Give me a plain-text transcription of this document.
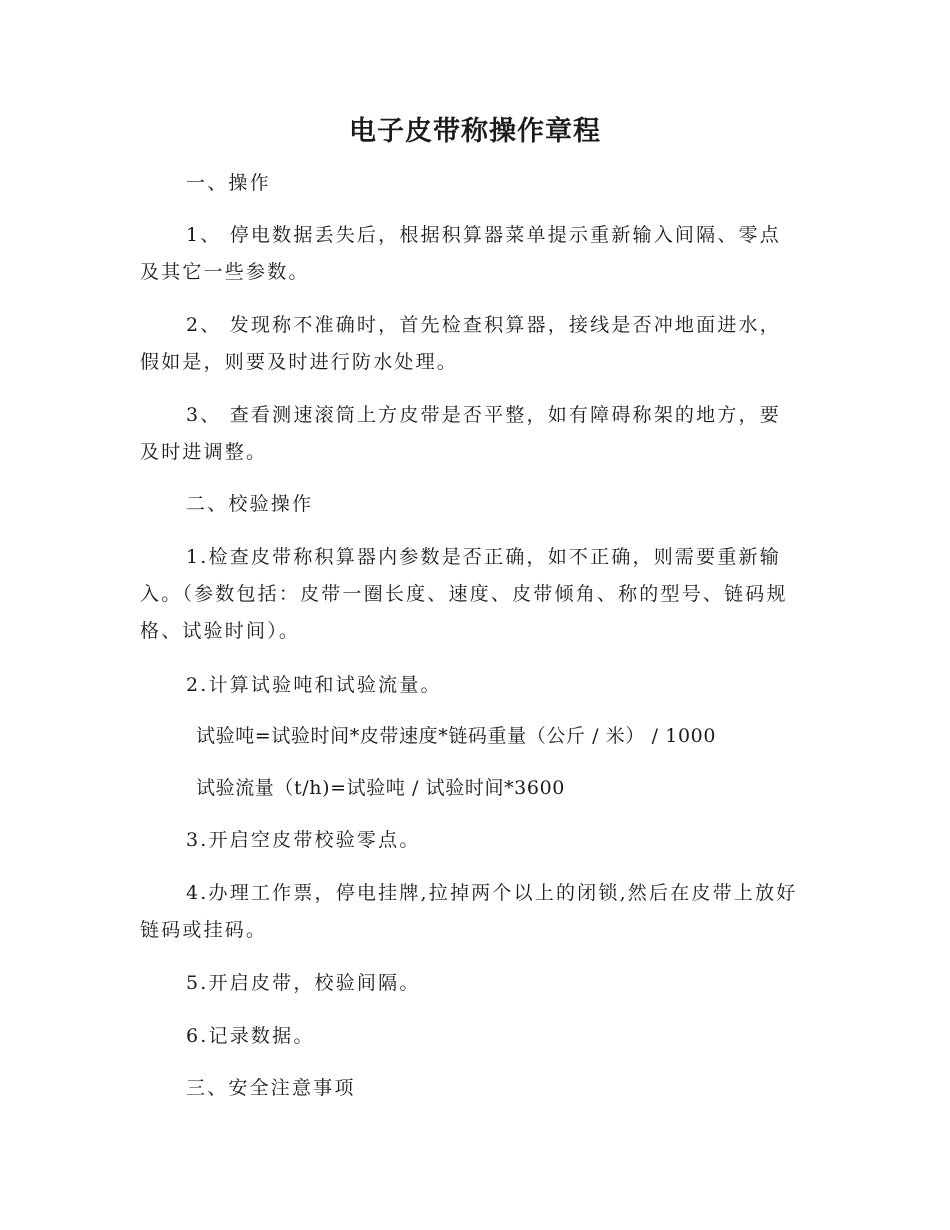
电子皮带称操作章程

一、操作

1、 停电数据丢失后，根据积算器菜单提示重新输入间隔、零点及其它一些参数。

2、 发现称不准确时，首先检查积算器，接线是否冲地面进水，假如是，则要及时进行防水处理。

3、 查看测速滚筒上方皮带是否平整，如有障碍称架的地方，要及时进调整。

二、校验操作

1.检查皮带称积算器内参数是否正确，如不正确，则需要重新输入。（参数包括：皮带一圈长度、速度、皮带倾角、称的型号、链码规格、试验时间）。

2.计算试验吨和试验流量。

试验吨=试验时间*皮带速度*链码重量（公斤 / 米） / 1000

试验流量（t/h)=试验吨 / 试验时间*3600

3.开启空皮带校验零点。

4.办理工作票，停电挂牌,拉掉两个以上的闭锁,然后在皮带上放好链码或挂码。

5.开启皮带，校验间隔。

6.记录数据。

三、安全注意事项
